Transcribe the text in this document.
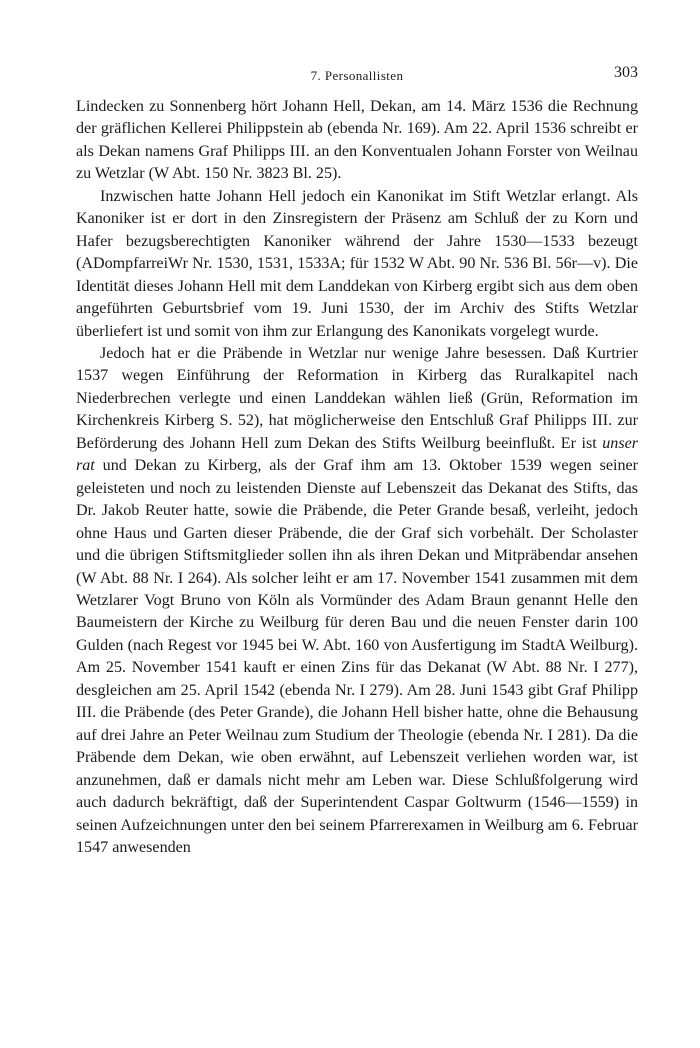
7. Personallisten	303

Lindecken zu Sonnenberg hört Johann Hell, Dekan, am 14. März 1536 die Rechnung der gräflichen Kellerei Philippstein ab (ebenda Nr. 169). Am 22. April 1536 schreibt er als Dekan namens Graf Philipps III. an den Konventualen Johann Forster von Weilnau zu Wetzlar (W Abt. 150 Nr. 3823 Bl. 25).

Inzwischen hatte Johann Hell jedoch ein Kanonikat im Stift Wetzlar erlangt. Als Kanoniker ist er dort in den Zinsregistern der Präsenz am Schluß der zu Korn und Hafer bezugsberechtigten Kanoniker während der Jahre 1530—1533 bezeugt (ADompfarreiWr Nr. 1530, 1531, 1533A; für 1532 W Abt. 90 Nr. 536 Bl. 56r—v). Die Identität dieses Johann Hell mit dem Landdekan von Kirberg ergibt sich aus dem oben angeführten Geburtsbrief vom 19. Juni 1530, der im Archiv des Stifts Wetzlar überliefert ist und somit von ihm zur Erlangung des Kanonikats vorgelegt wurde.

Jedoch hat er die Präbende in Wetzlar nur wenige Jahre besessen. Daß Kurtrier 1537 wegen Einführung der Reformation in Kirberg das Ruralkapitel nach Niederbrechen verlegte und einen Landdekan wählen ließ (Grün, Reformation im Kirchenkreis Kirberg S. 52), hat möglicherweise den Entschluß Graf Philipps III. zur Beförderung des Johann Hell zum Dekan des Stifts Weilburg beeinflußt. Er ist unser rat und Dekan zu Kirberg, als der Graf ihm am 13. Oktober 1539 wegen seiner geleisteten und noch zu leistenden Dienste auf Lebenszeit das Dekanat des Stifts, das Dr. Jakob Reuter hatte, sowie die Präbende, die Peter Grande besaß, verleiht, jedoch ohne Haus und Garten dieser Präbende, die der Graf sich vorbehält. Der Scholaster und die übrigen Stiftsmitglieder sollen ihn als ihren Dekan und Mitpräbendar ansehen (W Abt. 88 Nr. I 264). Als solcher leiht er am 17. November 1541 zusammen mit dem Wetzlarer Vogt Bruno von Köln als Vormünder des Adam Braun genannt Helle den Baumeistern der Kirche zu Weilburg für deren Bau und die neuen Fenster darin 100 Gulden (nach Regest vor 1945 bei W. Abt. 160 von Ausfertigung im StadtA Weilburg). Am 25. November 1541 kauft er einen Zins für das Dekanat (W Abt. 88 Nr. I 277), desgleichen am 25. April 1542 (ebenda Nr. I 279). Am 28. Juni 1543 gibt Graf Philipp III. die Präbende (des Peter Grande), die Johann Hell bisher hatte, ohne die Behausung auf drei Jahre an Peter Weilnau zum Studium der Theologie (ebenda Nr. I 281). Da die Präbende dem Dekan, wie oben erwähnt, auf Lebenszeit verliehen worden war, ist anzunehmen, daß er damals nicht mehr am Leben war. Diese Schlußfolgerung wird auch dadurch bekräftigt, daß der Superintendent Caspar Goltwurm (1546—1559) in seinen Aufzeichnungen unter den bei seinem Pfarrerexamen in Weilburg am 6. Februar 1547 anwesenden
